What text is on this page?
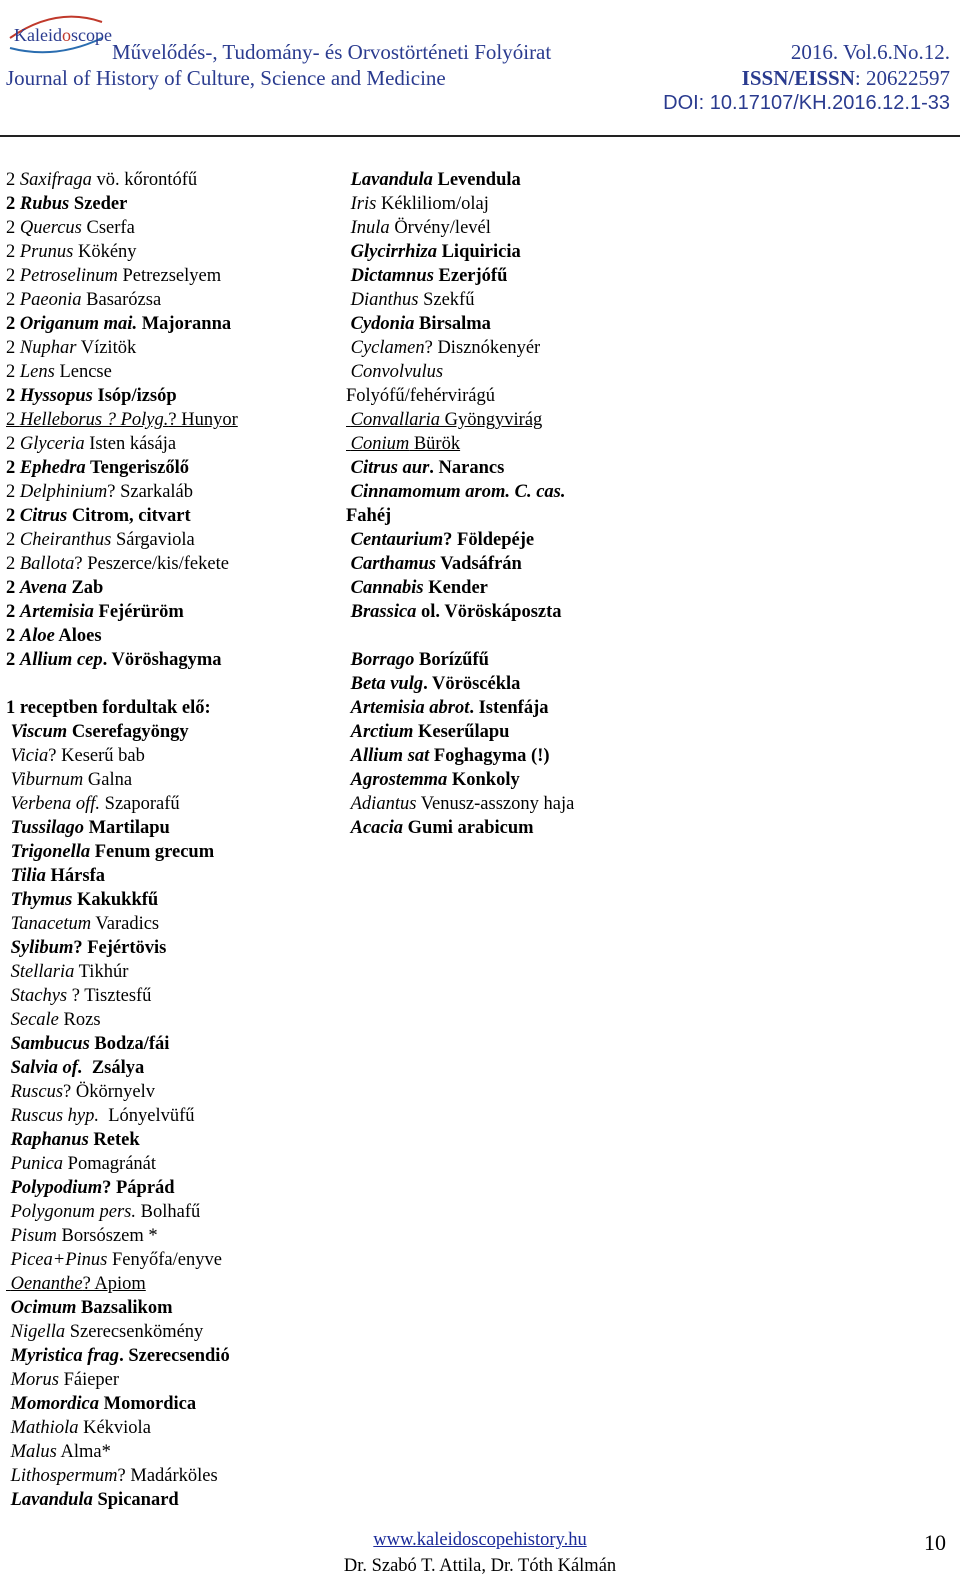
Kaleidoscope
Művelődés-, Tudomány- és Orvostörténeti Folyóirat
Journal of History of Culture, Science and Medicine
2016. Vol.6.No.12.
ISSN/EISSN: 20622597
DOI: 10.17107/KH.2016.12.1-33
2 Saxifraga vö. kőrontófű
2 Rubus Szeder
2 Quercus Cserfa
2 Prunus Kökény
2 Petroselinum Petrezselyem
2 Paeonia Basarózsa
2 Origanum mai. Majoranna
2 Nuphar Vízitök
2 Lens Lencse
2 Hyssopus Isóp/izsóp
2 Helleborus ? Polyg.? Hunyor
2 Glyceria Isten kásája
2 Ephedra Tengeriszőlő
2 Delphinium? Szarkaláb
2 Citrus Citrom, citvart
2 Cheiranthus Sárgaviola
2 Ballota? Peszerce/kis/fekete
2 Avena Zab
2 Artemisia Fejérüröm
2 Aloe Aloes
2 Allium cep. Vöröshagyma
1 receptben fordultak elő:
Viscum Cserefagyöngy
Vicia? Keserű bab
Viburnum Galna
Verbena off. Szaporafű
Tussilago Martilapu
Trigonella Fenum grecum
Tilia Hársfa
Thymus Kakukkfű
Tanacetum Varadics
Sylibum? Fejértövis
Stellaria Tikhúr
Stachys ? Tisztesfű
Secale Rozs
Sambucus Bodza/fái
Salvia of.  Zsálya
Ruscus? Ökörnyelv
Ruscus hyp.  Lónyelvüfű
Raphanus Retek
Punica Pomagránát
Polypodium? Páprád
Polygonum pers. Bolhafű
Pisum Borsószem *
Picea+Pinus Fenyőfa/enyve
Oenanthe? Apiom
Ocimum Bazsalikom
Nigella Szerecsenkömény
Myristica frag. Szerecsendió
Morus Fáieper
Momordica Momordica
Mathiola Kékviola
Malus Alma*
Lithospermum? Madárköles
Lavandula Spicanard
Lavandula Levendula
Iris Kékliliom/olaj
Inula Örvény/levél
Glycirrhiza Liquiricia
Dictamnus Ezerjófű
Dianthus Szekfű
Cydonia Birsalma
Cyclamen? Disznókenyér
Convolvulus
Folyófű/fehérvirágú
Convallaria Gyöngyvirág
Conium Bürök
Citrus aur. Narancs
Cinnamomum arom. C. cas.
Fahéj
Centaurium? Földepéje
Carthamus Vadsáfrán
Cannabis Kender
Brassica ol. Vöröskáposzta
Borrago Borízűfű
Beta vulg. Vöröscékla
Artemisia abrot. Istenfája
Arctium Keserűlapu
Allium sat Foghagyma (!)
Agrostemma Konkoly
Adiantus Venusz-asszony haja
Acacia Gumi arabicum
www.kaleidoscopehistory.hu
Dr. Szabó T. Attila, Dr. Tóth Kálmán
10
